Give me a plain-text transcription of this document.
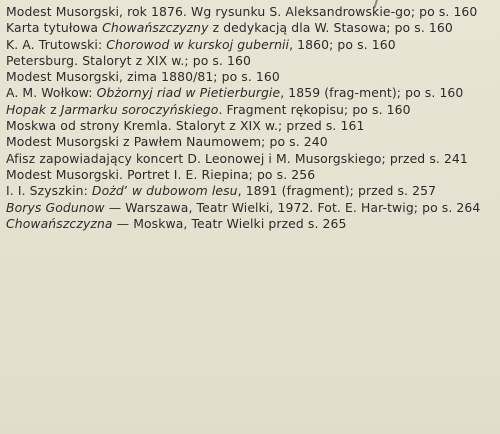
Modest Musorgski, rok 1876. Wg rysunku S. Aleksandrowskie-go; po s. 160
Karta tytułowa Chowańszczyzny z dedykacją dla W. Stasowa; po s. 160
K. A. Trutowski: Chorowod w kurskoj gubernii, 1860; po s. 160
Petersburg. Staloryt z XIX w.; po s. 160
Modest Musorgski, zima 1880/81; po s. 160
A. M. Wołkow: Obżornyj riad w Pietierburgie, 1859 (frag-ment); po s. 160
Hopak z Jarmarku soroczyńskiego. Fragment rękopisu; po s. 160
Moskwa od strony Kremla. Staloryt z XIX w.; przed s. 161
Modest Musorgski z Pawłem Naumowem; po s. 240
Afisz zapowiadający koncert D. Leonowej i M. Musorgskiego; przed s. 241
Modest Musorgski. Portret I. E. Riepina; po s. 256
I. I. Szyszkin: Dożdʼ w dubowom lesu, 1891 (fragment); przed s. 257
Borys Godunow — Warszawa, Teatr Wielki, 1972. Fot. E. Har-twig; po s. 264
Chowańszczyzna — Moskwa, Teatr Wielki przed s. 265
